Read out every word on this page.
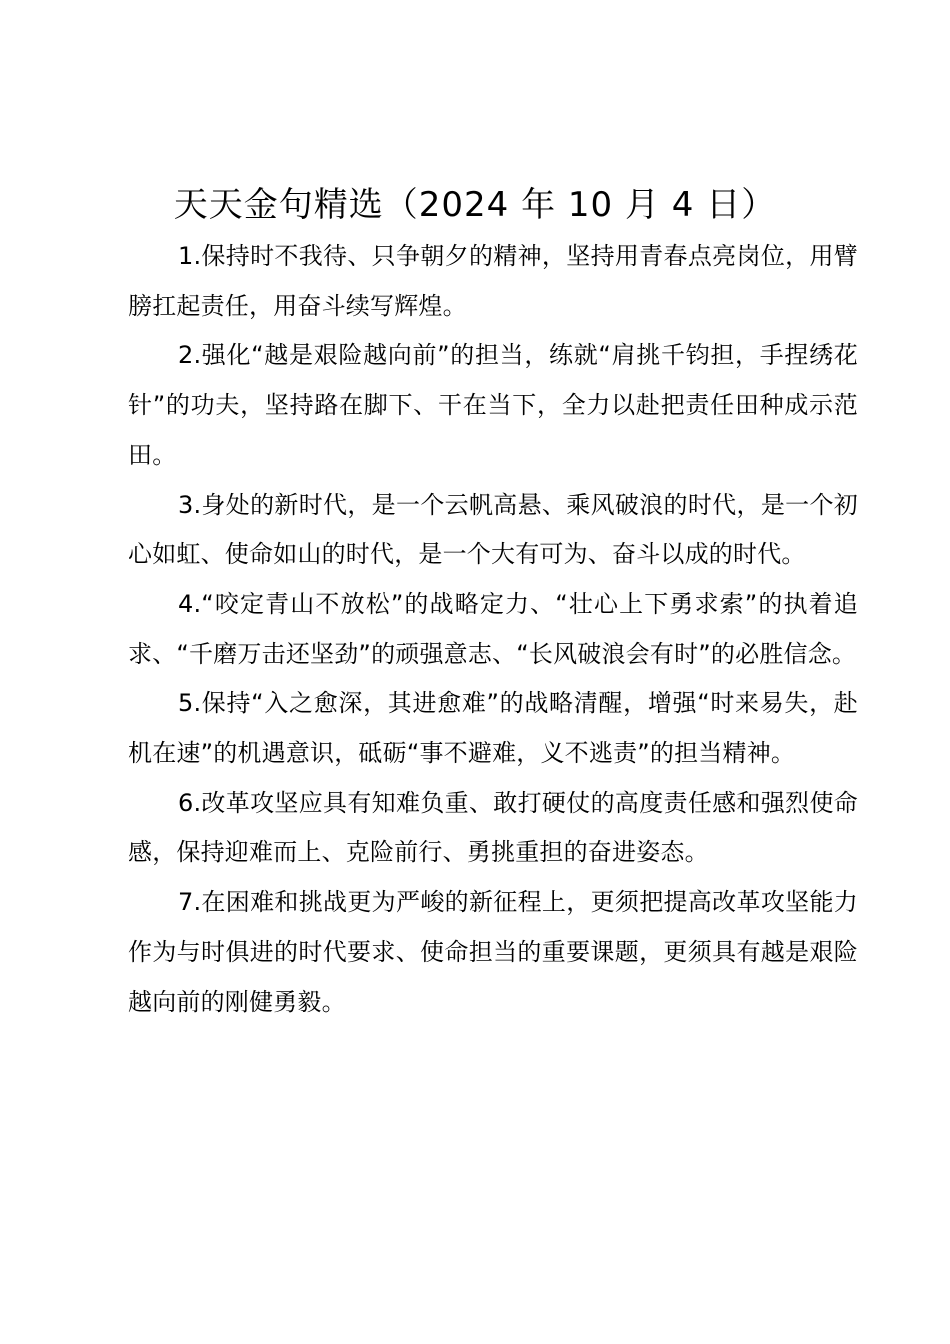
天天金句精选（2024 年 10 月 4 日）

1.保持时不我待、只争朝夕的精神，坚持用青春点亮岗位，用臂膀扛起责任，用奋斗续写辉煌。

2.强化“越是艰险越向前”的担当，练就“肩挑千钧担，手捏绣花针”的功夫，坚持路在脚下、干在当下，全力以赴把责任田种成示范田。

3.身处的新时代，是一个云帆高悬、乘风破浪的时代，是一个初心如虹、使命如山的时代，是一个大有可为、奋斗以成的时代。

4.“咬定青山不放松”的战略定力、“壮心上下勇求索”的执着追求、“千磨万击还坚劲”的顽强意志、“长风破浪会有时”的必胜信念。

5.保持“入之愈深，其进愈难”的战略清醒，增强“时来易失，赴机在速”的机遇意识，砥砺“事不避难，义不逃责”的担当精神。

6.改革攻坚应具有知难负重、敢打硬仗的高度责任感和强烈使命感，保持迎难而上、克险前行、勇挑重担的奋进姿态。

7.在困难和挑战更为严峻的新征程上，更须把提高改革攻坚能力作为与时俱进的时代要求、使命担当的重要课题，更须具有越是艰险越向前的刚健勇毅。
